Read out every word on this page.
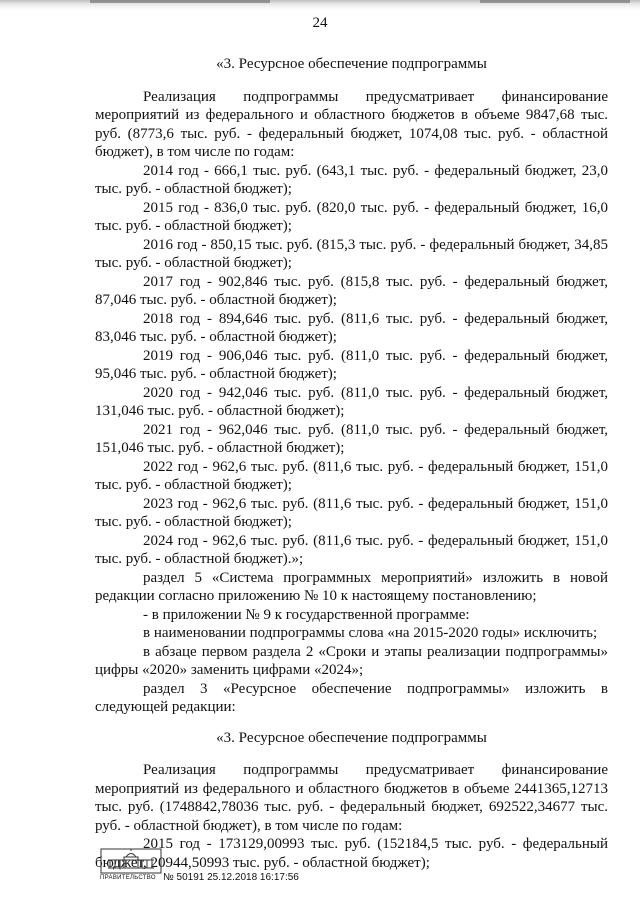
24
«3. Ресурсное обеспечение подпрограммы

Реализация подпрограммы предусматривает финансирование мероприятий из федерального и областного бюджетов в объеме 9847,68 тыс. руб. (8773,6 тыс. руб. - федеральный бюджет, 1074,08 тыс. руб. - областной бюджет), в том числе по годам:

2014 год - 666,1 тыс. руб. (643,1 тыс. руб. - федеральный бюджет, 23,0 тыс. руб. - областной бюджет);

2015 год - 836,0 тыс. руб. (820,0 тыс. руб. - федеральный бюджет, 16,0 тыс. руб. - областной бюджет);

2016 год - 850,15 тыс. руб. (815,3 тыс. руб. - федеральный бюджет, 34,85 тыс. руб. - областной бюджет);

2017 год - 902,846 тыс. руб. (815,8 тыс. руб. - федеральный бюджет, 87,046 тыс. руб. - областной бюджет);

2018 год - 894,646 тыс. руб. (811,6 тыс. руб. - федеральный бюджет, 83,046 тыс. руб. - областной бюджет);

2019 год - 906,046 тыс. руб. (811,0 тыс. руб. - федеральный бюджет, 95,046 тыс. руб. - областной бюджет);

2020 год - 942,046 тыс. руб. (811,0 тыс. руб. - федеральный бюджет, 131,046 тыс. руб. - областной бюджет);

2021 год - 962,046 тыс. руб. (811,0 тыс. руб. - федеральный бюджет, 151,046 тыс. руб. - областной бюджет);

2022 год - 962,6 тыс. руб. (811,6 тыс. руб. - федеральный бюджет, 151,0 тыс. руб. - областной бюджет);

2023 год - 962,6 тыс. руб. (811,6 тыс. руб. - федеральный бюджет, 151,0 тыс. руб. - областной бюджет);

2024 год - 962,6 тыс. руб. (811,6 тыс. руб. - федеральный бюджет, 151,0 тыс. руб. - областной бюджет).»;

раздел 5 «Система программных мероприятий» изложить в новой редакции согласно приложению № 10 к настоящему постановлению;

- в приложении № 9 к государственной программе:

в наименовании подпрограммы слова «на 2015-2020 годы» исключить;

в абзаце первом раздела 2 «Сроки и этапы реализации подпрограммы» цифры «2020» заменить цифрами «2024»;

раздел 3 «Ресурсное обеспечение подпрограммы» изложить в следующей редакции:

«3. Ресурсное обеспечение подпрограммы

Реализация подпрограммы предусматривает финансирование мероприятий из федерального и областного бюджетов в объеме 2441365,12713 тыс. руб. (1748842,78036 тыс. руб. - федеральный бюджет, 692522,34677 тыс. руб. - областной бюджет), в том числе по годам:

2015 год - 173129,00993 тыс. руб. (152184,5 тыс. руб. - федеральный бюджет, 20944,50993 тыс. руб. - областной бюджет);

ПРАВИТЕЛЬСТВО № 50191 25.12.2018 16:17:56
